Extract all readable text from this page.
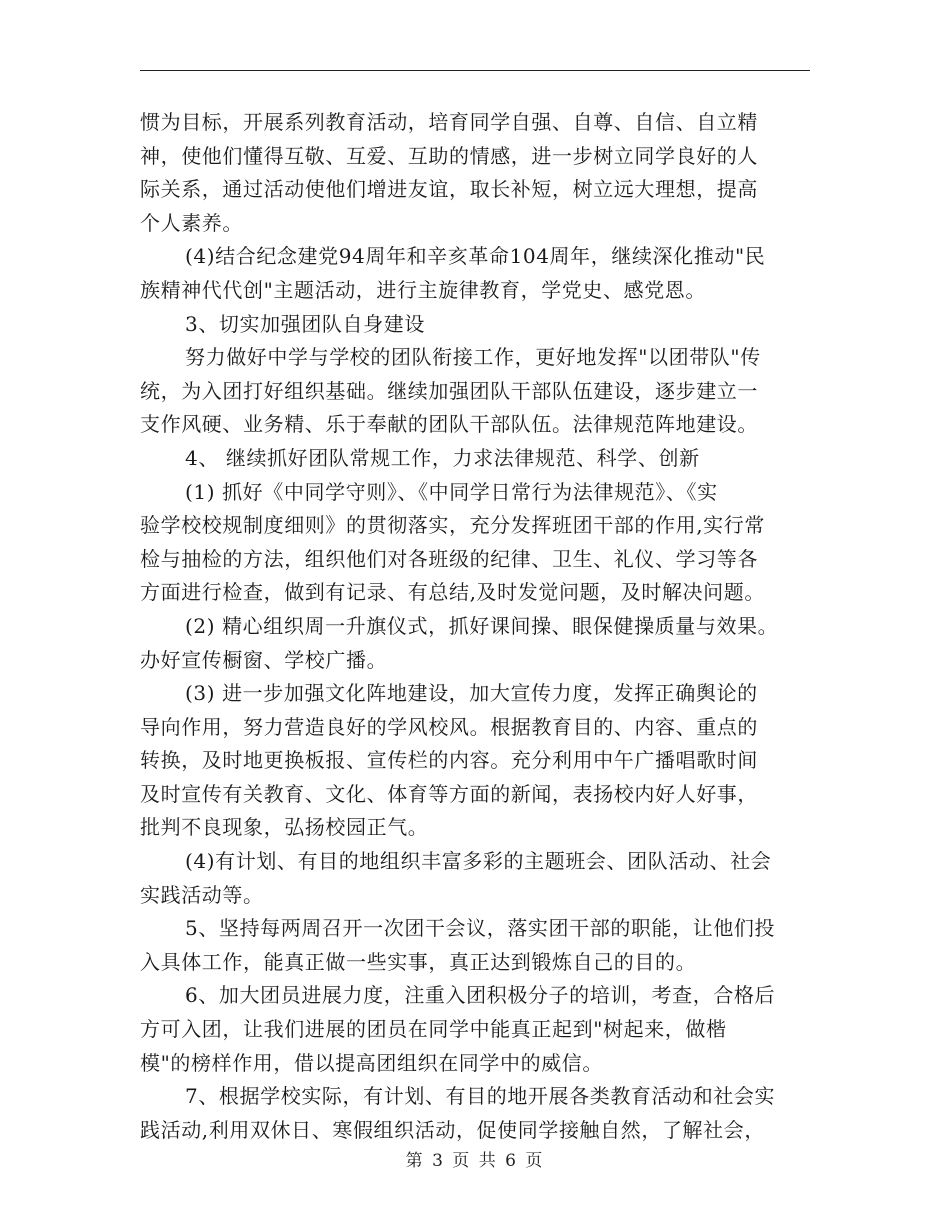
惯为目标，开展系列教育活动，培育同学自强、自尊、自信、自立精
神，使他们懂得互敬、互爱、互助的情感，进一步树立同学良好的人
际关系，通过活动使他们增进友谊，取长补短，树立远大理想，提高
个人素养。
(4)结合纪念建党94周年和辛亥革命104周年，继续深化推动"民
族精神代代创"主题活动，进行主旋律教育，学党史、感党恩。
3、切实加强团队自身建设
努力做好中学与学校的团队衔接工作，更好地发挥"以团带队"传
统，为入团打好组织基础。继续加强团队干部队伍建设，逐步建立一
支作风硬、业务精、乐于奉献的团队干部队伍。法律规范阵地建设。
4、 继续抓好团队常规工作，力求法律规范、科学、创新
(1) 抓好《中同学守则》、《中同学日常行为法律规范》、《实
验学校校规制度细则》的贯彻落实，充分发挥班团干部的作用,实行常
检与抽检的方法，组织他们对各班级的纪律、卫生、礼仪、学习等各
方面进行检查，做到有记录、有总结,及时发觉问题，及时解决问题。
(2) 精心组织周一升旗仪式，抓好课间操、眼保健操质量与效果。
办好宣传橱窗、学校广播。
(3) 进一步加强文化阵地建设，加大宣传力度，发挥正确舆论的
导向作用，努力营造良好的学风校风。根据教育目的、内容、重点的
转换，及时地更换板报、宣传栏的内容。充分利用中午广播唱歌时间
及时宣传有关教育、文化、体育等方面的新闻，表扬校内好人好事，
批判不良现象，弘扬校园正气。
(4)有计划、有目的地组织丰富多彩的主题班会、团队活动、社会
实践活动等。
5、坚持每两周召开一次团干会议，落实团干部的职能，让他们投
入具体工作，能真正做一些实事，真正达到锻炼自己的目的。
6、加大团员进展力度，注重入团积极分子的培训，考查，合格后
方可入团，让我们进展的团员在同学中能真正起到"树起来，做楷
模"的榜样作用，借以提高团组织在同学中的威信。
7、根据学校实际，有计划、有目的地开展各类教育活动和社会实
践活动,利用双休日、寒假组织活动，促使同学接触自然，了解社会，
第 3 页 共 6 页
